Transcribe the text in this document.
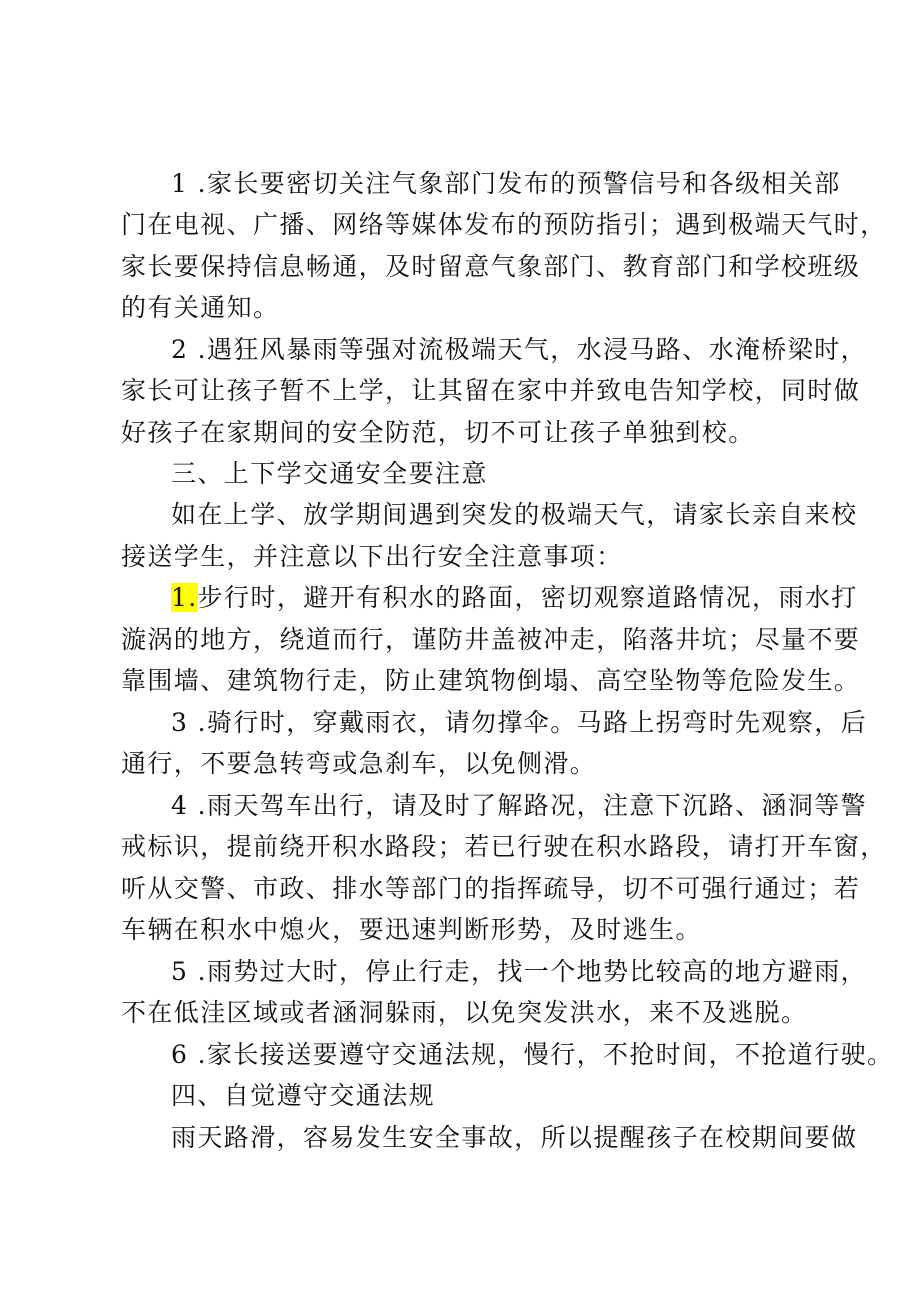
1 .家长要密切关注气象部门发布的预警信号和各级相关部
门在电视、广播、网络等媒体发布的预防指引；遇到极端天气时，
家长要保持信息畅通，及时留意气象部门、教育部门和学校班级
的有关通知。
2 .遇狂风暴雨等强对流极端天气，水浸马路、水淹桥梁时，
家长可让孩子暂不上学，让其留在家中并致电告知学校，同时做
好孩子在家期间的安全防范，切不可让孩子单独到校。
三、上下学交通安全要注意
如在上学、放学期间遇到突发的极端天气，请家长亲自来校
接送学生，并注意以下出行安全注意事项：
1.步行时，避开有积水的路面，密切观察道路情况，雨水打
漩涡的地方，绕道而行，谨防井盖被冲走，陷落井坑；尽量不要
靠围墙、建筑物行走，防止建筑物倒塌、高空坠物等危险发生。
3 .骑行时，穿戴雨衣，请勿撑伞。马路上拐弯时先观察，后
通行，不要急转弯或急刹车，以免侧滑。
4 .雨天驾车出行，请及时了解路况，注意下沉路、涵洞等警
戒标识，提前绕开积水路段；若已行驶在积水路段，请打开车窗，
听从交警、市政、排水等部门的指挥疏导，切不可强行通过；若
车辆在积水中熄火，要迅速判断形势，及时逃生。
5 .雨势过大时，停止行走，找一个地势比较高的地方避雨，
不在低洼区域或者涵洞躲雨，以免突发洪水，来不及逃脱。
6 .家长接送要遵守交通法规，慢行，不抢时间，不抢道行驶。
四、自觉遵守交通法规
雨天路滑，容易发生安全事故，所以提醒孩子在校期间要做
